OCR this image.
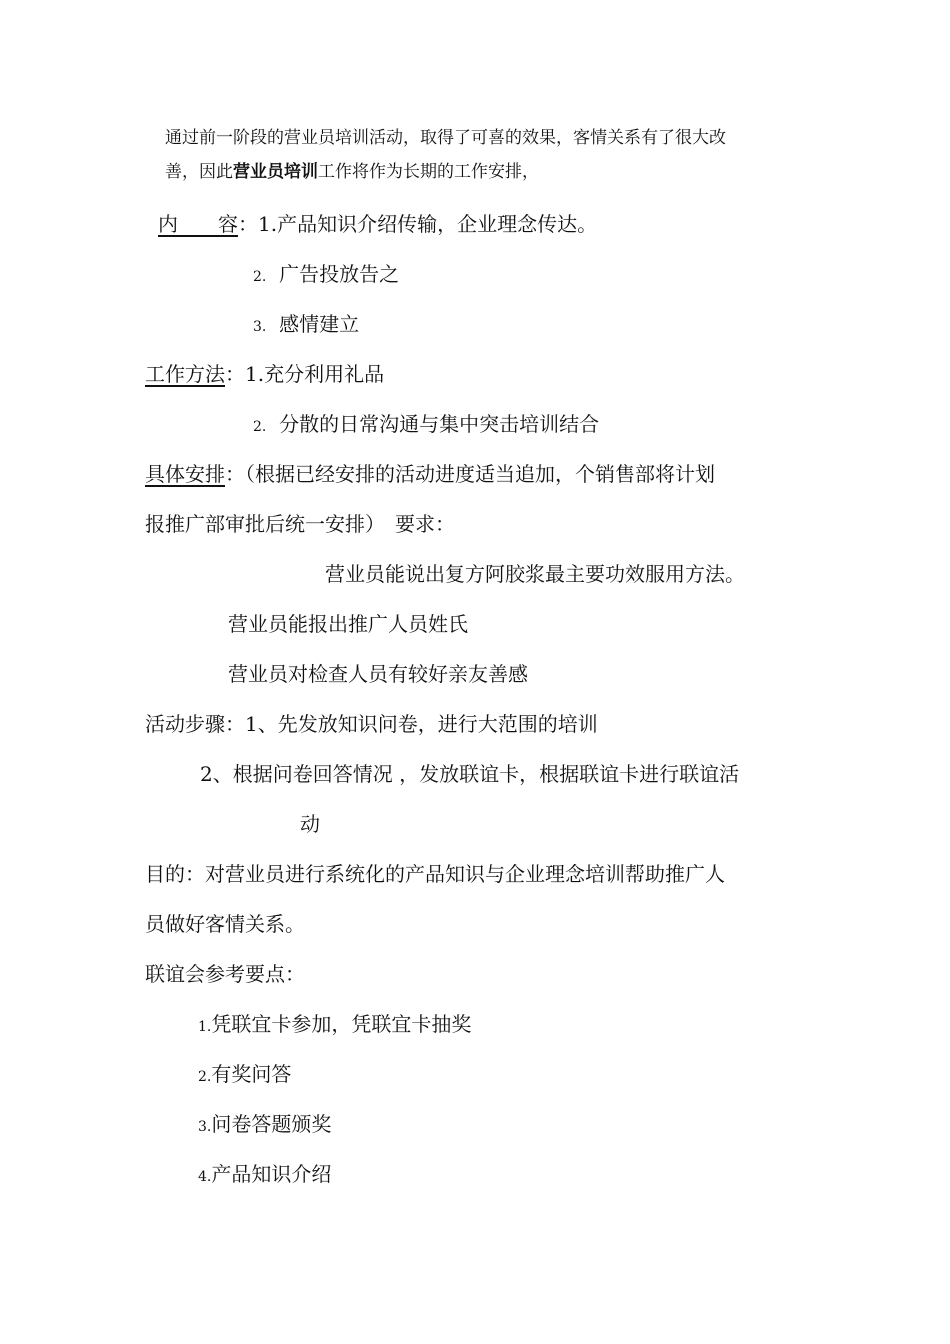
通过前一阶段的营业员培训活动，取得了可喜的效果，客情关系有了很大改
善，因此营业员培训工作将作为长期的工作安排，
内　　容：1.产品知识介绍传输，企业理念传达。
2. 广告投放告之
3. 感情建立
工作方法：1.充分利用礼品
2. 分散的日常沟通与集中突击培训结合
具体安排：（根据已经安排的活动进度适当追加，个销售部将计划
报推广部审批后统一安排）　要求：
营业员能说出复方阿胶浆最主要功效服用方法。
营业员能报出推广人员姓氏
营业员对检查人员有较好亲友善感
活动步骤：1、先发放知识问卷，进行大范围的培训
2、根据问卷回答情况 ，发放联谊卡，根据联谊卡进行联谊活
动
目的：对营业员进行系统化的产品知识与企业理念培训帮助推广人
员做好客情关系。
联谊会参考要点：
1.凭联宜卡参加，凭联宜卡抽奖
2.有奖问答
3.问卷答题颁奖
4.产品知识介绍
